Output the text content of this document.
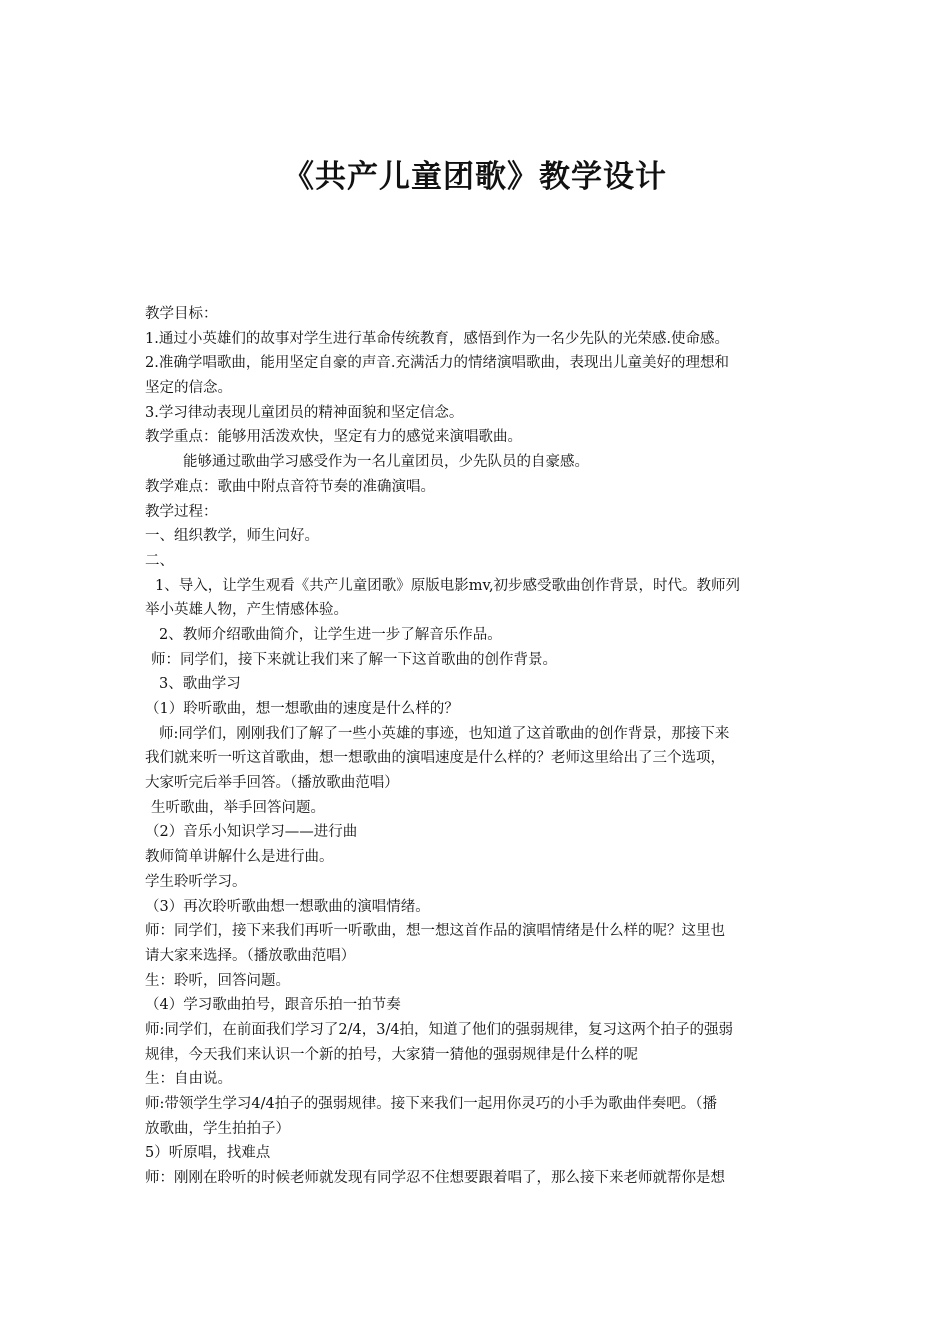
《共产儿童团歌》教学设计
教学目标：
1.通过小英雄们的故事对学生进行革命传统教育，感悟到作为一名少先队的光荣感.使命感。
2.准确学唱歌曲，能用坚定自豪的声音.充满活力的情绪演唱歌曲，表现出儿童美好的理想和
坚定的信念。
3.学习律动表现儿童团员的精神面貌和坚定信念。
教学重点：能够用活泼欢快，坚定有力的感觉来演唱歌曲。
能够通过歌曲学习感受作为一名儿童团员，少先队员的自豪感。
教学难点：歌曲中附点音符节奏的准确演唱。
教学过程：
一、组织教学，师生问好。
二、
1、导入，让学生观看《共产儿童团歌》原版电影mv,初步感受歌曲创作背景，时代。教师列
举小英雄人物，产生情感体验。
2、教师介绍歌曲简介，让学生进一步了解音乐作品。
师：同学们，接下来就让我们来了解一下这首歌曲的创作背景。
3、歌曲学习
（1）聆听歌曲，想一想歌曲的速度是什么样的？
师:同学们，刚刚我们了解了一些小英雄的事迹，也知道了这首歌曲的创作背景，那接下来
我们就来听一听这首歌曲，想一想歌曲的演唱速度是什么样的？老师这里给出了三个选项，
大家听完后举手回答。（播放歌曲范唱）
生听歌曲，举手回答问题。
（2）音乐小知识学习——进行曲
教师简单讲解什么是进行曲。
学生聆听学习。
（3）再次聆听歌曲想一想歌曲的演唱情绪。
师：同学们，接下来我们再听一听歌曲，想一想这首作品的演唱情绪是什么样的呢？这里也
请大家来选择。（播放歌曲范唱）
生：聆听，回答问题。
（4）学习歌曲拍号，跟音乐拍一拍节奏
师:同学们，在前面我们学习了2/4，3/4拍，知道了他们的强弱规律，复习这两个拍子的强弱
规律，今天我们来认识一个新的拍号，大家猜一猜他的强弱规律是什么样的呢
生：自由说。
师:带领学生学习4/4拍子的强弱规律。接下来我们一起用你灵巧的小手为歌曲伴奏吧。（播
放歌曲，学生拍拍子）
5）听原唱，找难点
师：刚刚在聆听的时候老师就发现有同学忍不住想要跟着唱了，那么接下来老师就帮你是想
